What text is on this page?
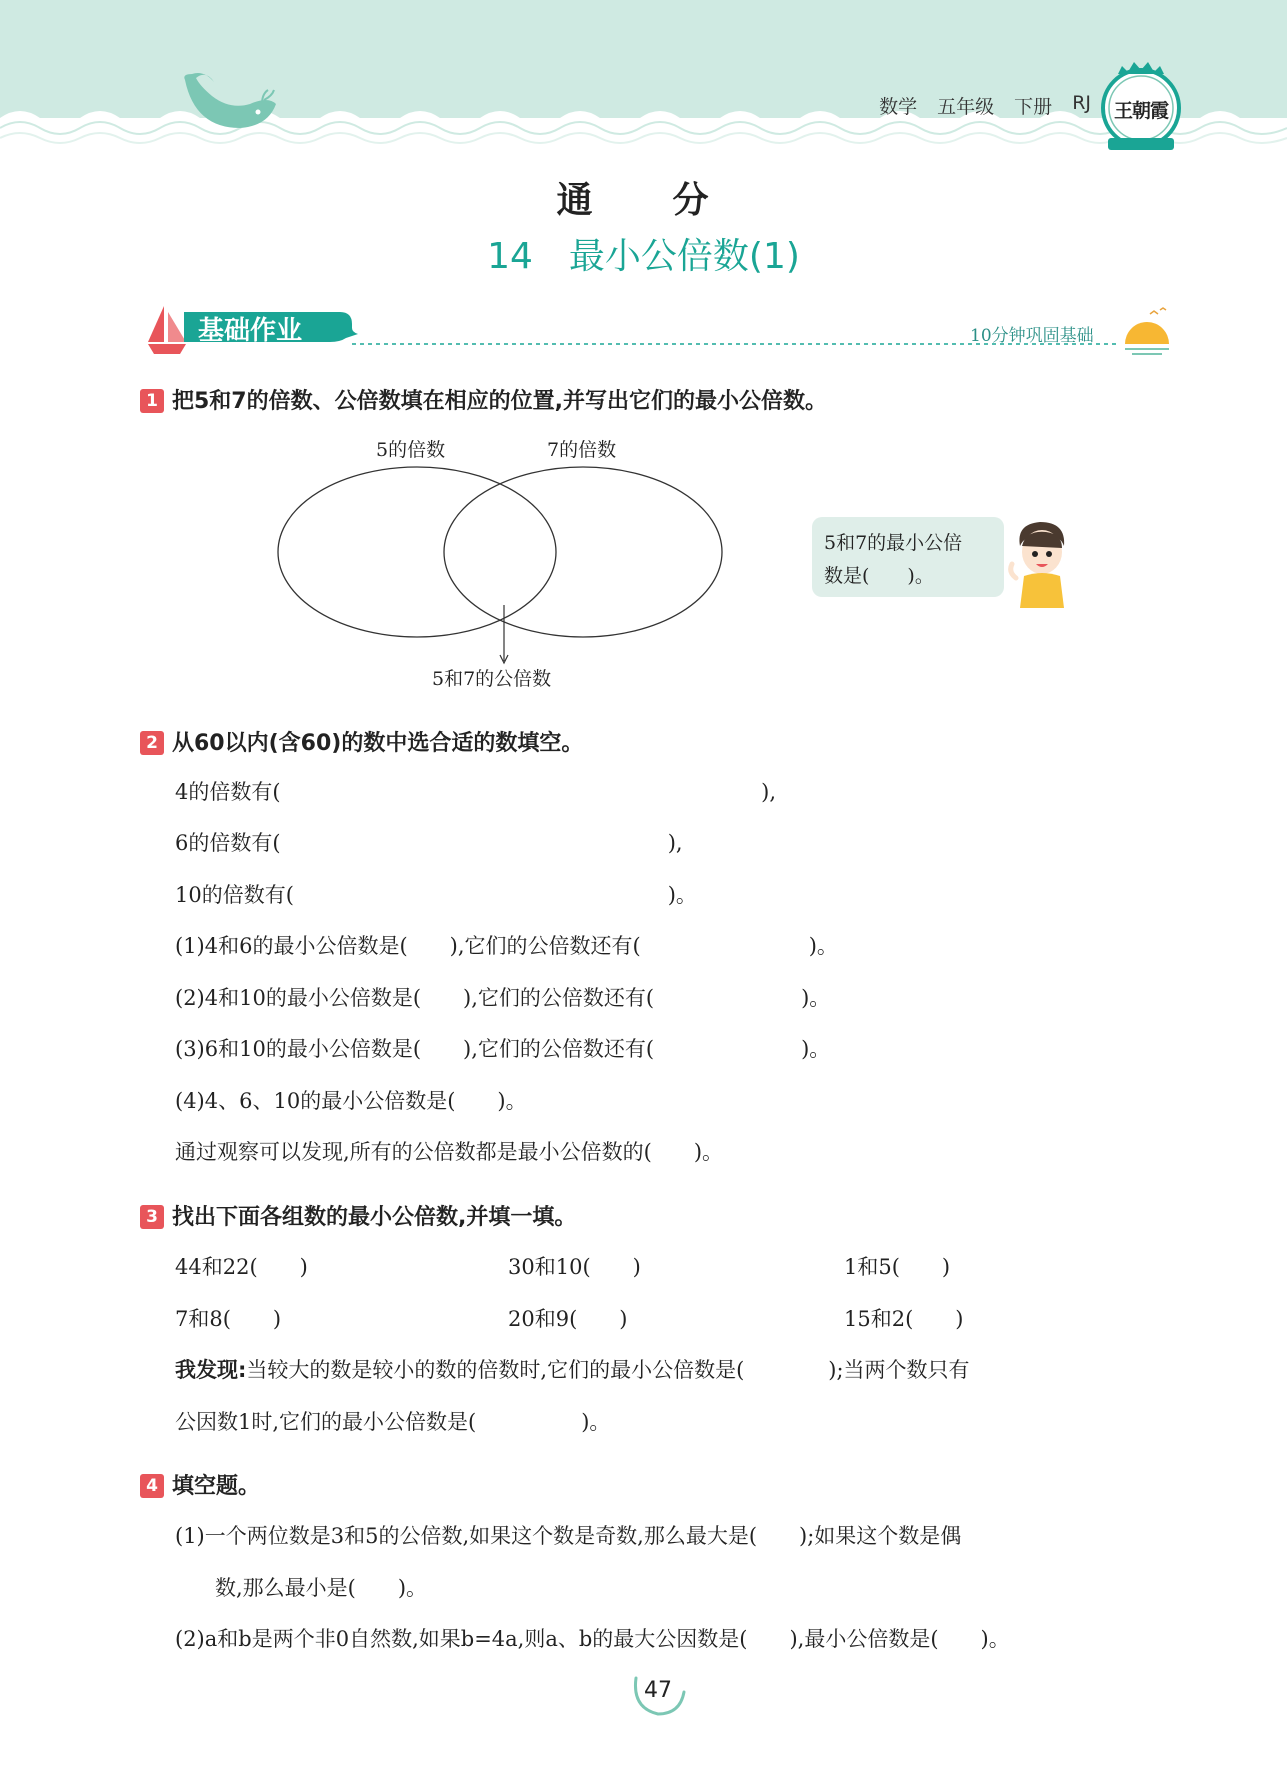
数学 五年级 下册 RJ	王朝霞
通　分
14　最小公倍数(1)
基础作业	10分钟巩固基础
1 把5和7的倍数、公倍数填在相应的位置,并写出它们的最小公倍数。
5的倍数	7的倍数
5和7的公倍数
5和7的最小公倍
数是(　　)。
2 从60以内(含60)的数中选合适的数填空。
4的倍数有(                                                                        ),
6的倍数有(                                                          ),
10的倍数有(                                                        )。
(1)4和6的最小公倍数是(　　),它们的公倍数还有(　　　　　　　　)。
(2)4和10的最小公倍数是(　　),它们的公倍数还有(　　　　　　　)。
(3)6和10的最小公倍数是(　　),它们的公倍数还有(　　　　　　　)。
(4)4、6、10的最小公倍数是(　　)。
通过观察可以发现,所有的公倍数都是最小公倍数的(　　)。
3 找出下面各组数的最小公倍数,并填一填。
44和22(　　)	30和10(　　)	1和5(　　)
7和8(　　)	20和9(　　)	15和2(　　)
我发现:当较大的数是较小的数的倍数时,它们的最小公倍数是(　　　　);当两个数只有
公因数1时,它们的最小公倍数是(　　　　　)。
4 填空题。
(1)一个两位数是3和5的公倍数,如果这个数是奇数,那么最大是(　　);如果这个数是偶
数,那么最小是(　　)。
(2)a和b是两个非0自然数,如果b=4a,则a、b的最大公因数是(　　),最小公倍数是(　　)。
47
